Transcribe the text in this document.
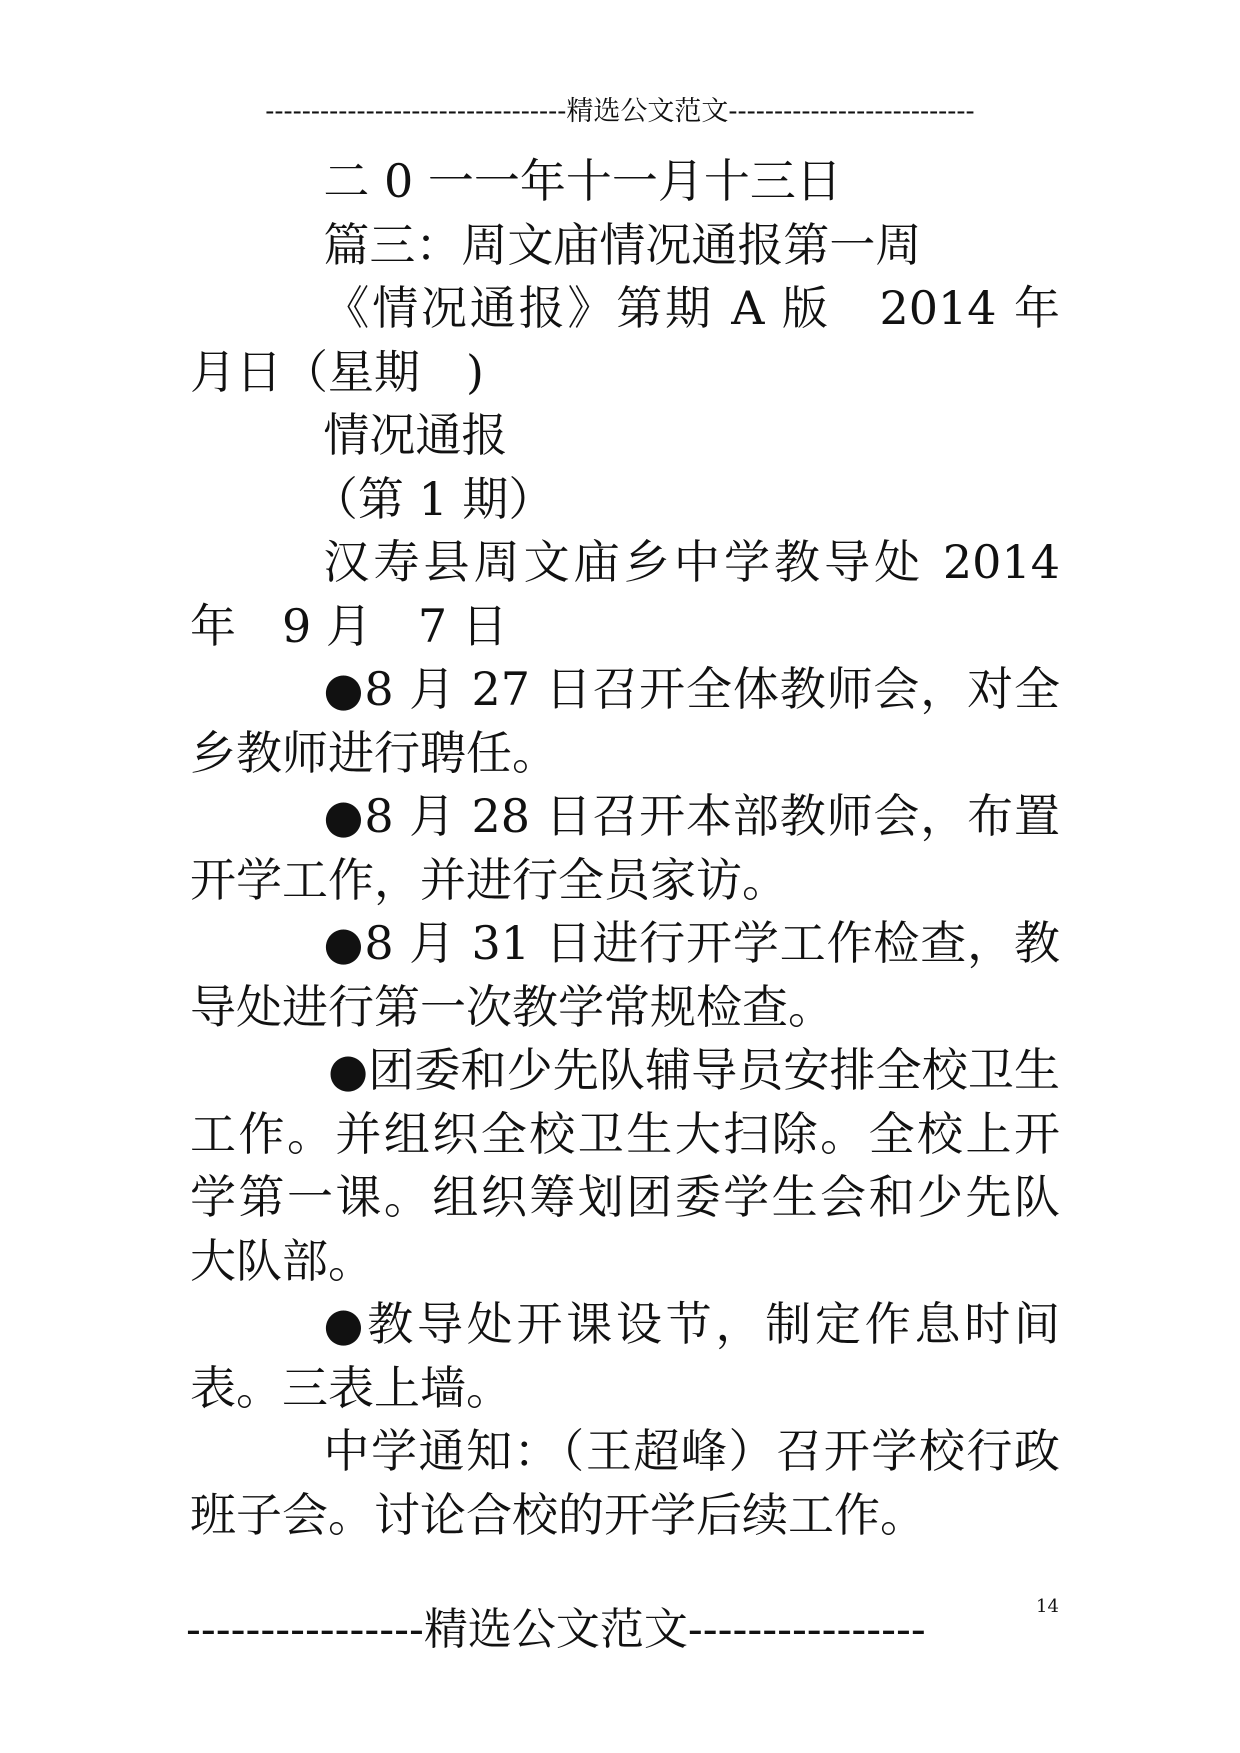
---------------------------------精选公文范文---------------------------

二 0 一一年十一月十三日

篇三：周文庙情况通报第一周

《情况通报》第期 A 版　2014 年月日（星期　)

情况通报

（第 1 期）

汉寿县周文庙乡中学教导处 2014 年　9 月　7 日

●8 月 27 日召开全体教师会，对全乡教师进行聘任。

●8 月 28 日召开本部教师会，布置开学工作，并进行全员家访。

●8 月 31 日进行开学工作检查，教导处进行第一次教学常规检查。

●团委和少先队辅导员安排全校卫生工作。并组织全校卫生大扫除。全校上开学第一课。组织筹划团委学生会和少先队大队部。

●教导处开课设节，制定作息时间表。三表上墙。

中学通知：（王超峰）召开学校行政班子会。讨论合校的开学后续工作。

14
----------------精选公文范文----------------
